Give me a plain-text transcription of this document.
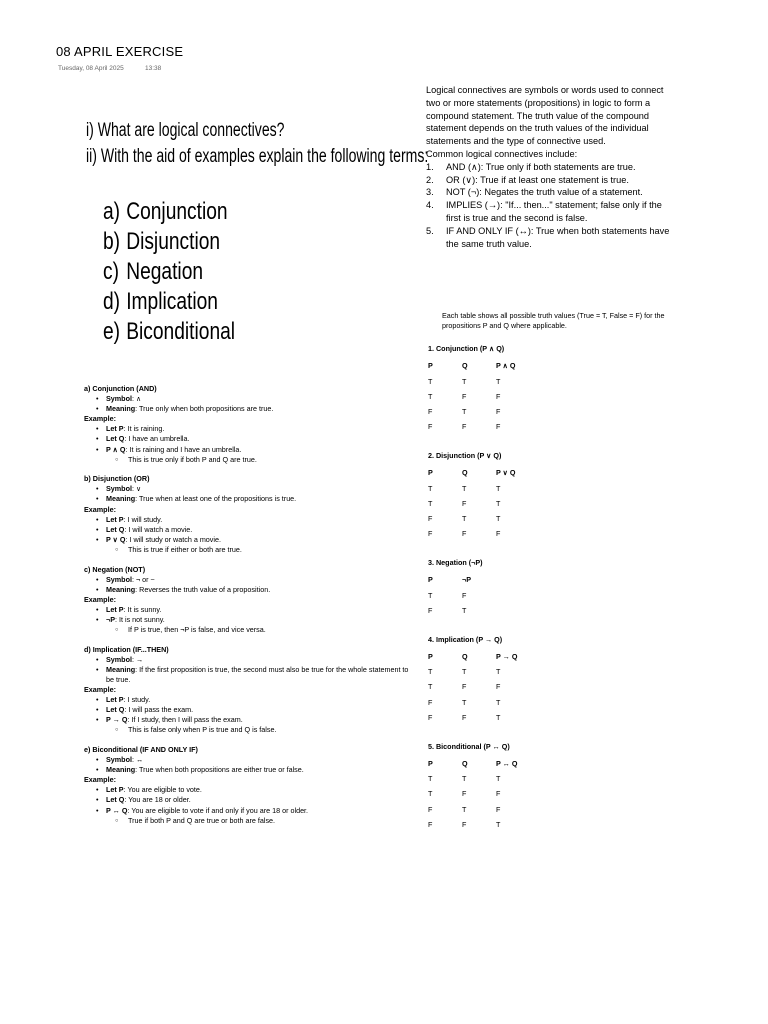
08 APRIL EXERCISE
Tuesday, 08 April 2025	13:38
i) What are logical connectives?
ii) With the aid of examples explain the following terms:
a) Conjunction
b) Disjunction
c) Negation
d) Implication
e) Biconditional

Logical connectives are symbols or words used to connect two or more statements (propositions) in logic to form a compound statement. The truth value of the compound statement depends on the truth values of the individual statements and the type of connective used.

Common logical connectives include:

1.	AND (∧): True only if both statements are true.
2.	OR (∨): True if at least one statement is true.
3.	NOT (¬): Negates the truth value of a statement.
4.	IMPLIES (→): "If... then..." statement; false only if the first is true and the second is false.
5.	IF AND ONLY IF (↔): True when both statements have the same truth value.
a) Conjunction (AND)
• Symbol: ∧
• Meaning: True only when both propositions are true.
Example:
• Let P: It is raining.
• Let Q: I have an umbrella.
• P ∧ Q: It is raining and I have an umbrella.
○ This is true only if both P and Q are true.
b) Disjunction (OR)
• Symbol: ∨
• Meaning: True when at least one of the propositions is true.
Example:
• Let P: I will study.
• Let Q: I will watch a movie.
• P ∨ Q: I will study or watch a movie.
○ This is true if either or both are true.
c) Negation (NOT)
• Symbol: ¬ or ~
• Meaning: Reverses the truth value of a proposition.
Example:
• Let P: It is sunny.
• ¬P: It is not sunny.
○ If P is true, then ¬P is false, and vice versa.
d) Implication (IF...THEN)
• Symbol: →
• Meaning: If the first proposition is true, the second must also be true for the whole statement to be true.
Example:
• Let P: I study.
• Let Q: I will pass the exam.
• P → Q: If I study, then I will pass the exam.
○ This is false only when P is true and Q is false.
e) Biconditional (IF AND ONLY IF)
• Symbol: ↔
• Meaning: True when both propositions are either true or false.
Example:
• Let P: You are eligible to vote.
• Let Q: You are 18 or older.
• P ↔ Q: You are eligible to vote if and only if you are 18 or older.
○ True if both P and Q are true or both are false.
Each table shows all possible truth values (True = T, False = F) for the propositions P and Q where applicable.
1. Conjunction (P ∧ Q)
P	Q	P ∧ Q
T	T	T
T	F	F
F	T	F
F	F	F
2. Disjunction (P ∨ Q)
P	Q	P ∨ Q
T	T	T
T	F	T
F	T	T
F	F	F
3. Negation (¬P)
P	¬P
T	F
F	T
4. Implication (P → Q)
P	Q	P → Q
T	T	T
T	F	F
F	T	T
F	F	T
5. Biconditional (P ↔ Q)
P	Q	P ↔ Q
T	T	T
T	F	F
F	T	F
F	F	T
